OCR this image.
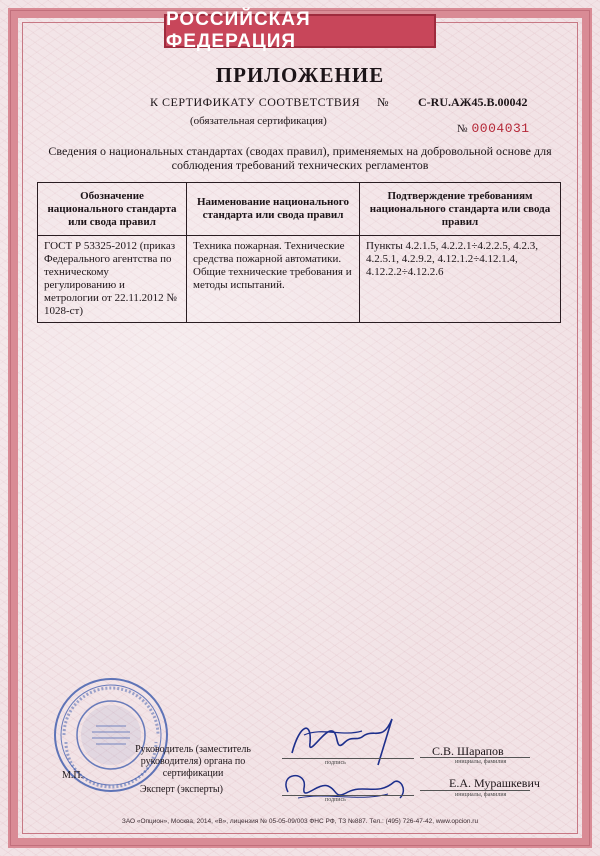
РОССИЙСКАЯ ФЕДЕРАЦИЯ
ПРИЛОЖЕНИЕ
К СЕРТИФИКАТУ СООТВЕТСТВИЯ № C-RU.АЖ45.В.00042
(обязательная сертификация)
№ 0004031
Сведения о национальных стандартах (сводах правил), применяемых на добровольной основе для соблюдения требований технических регламентов
Обозначение национального стандарта или свода правил	Наименование национального стандарта или свода правил	Подтверждение требованиям национального стандарта или свода правил
ГОСТ Р 53325-2012 (приказ Федерального агентства по техническому регулированию и метрологии от 22.11.2012 № 1028-ст)	Техника пожарная. Технические средства пожарной автоматики. Общие технические требования и методы испытаний.	Пункты 4.2.1.5, 4.2.2.1÷4.2.2.5, 4.2.3, 4.2.5.1, 4.2.9.2, 4.12.1.2÷4.12.1.4, 4.12.2.2÷4.12.2.6
Руководитель (заместитель руководителя) органа по сертификации
М.П.
Эксперт (эксперты)
подпись
подпись
С.В. Шарапов
инициалы, фамилия
Е.А. Мурашкевич
инициалы, фамилия
ЗАО «Опцион», Москва, 2014, «В», лицензия № 05-05-09/003 ФНС РФ, ТЗ №887. Тел.: (495) 726-47-42, www.opcion.ru
